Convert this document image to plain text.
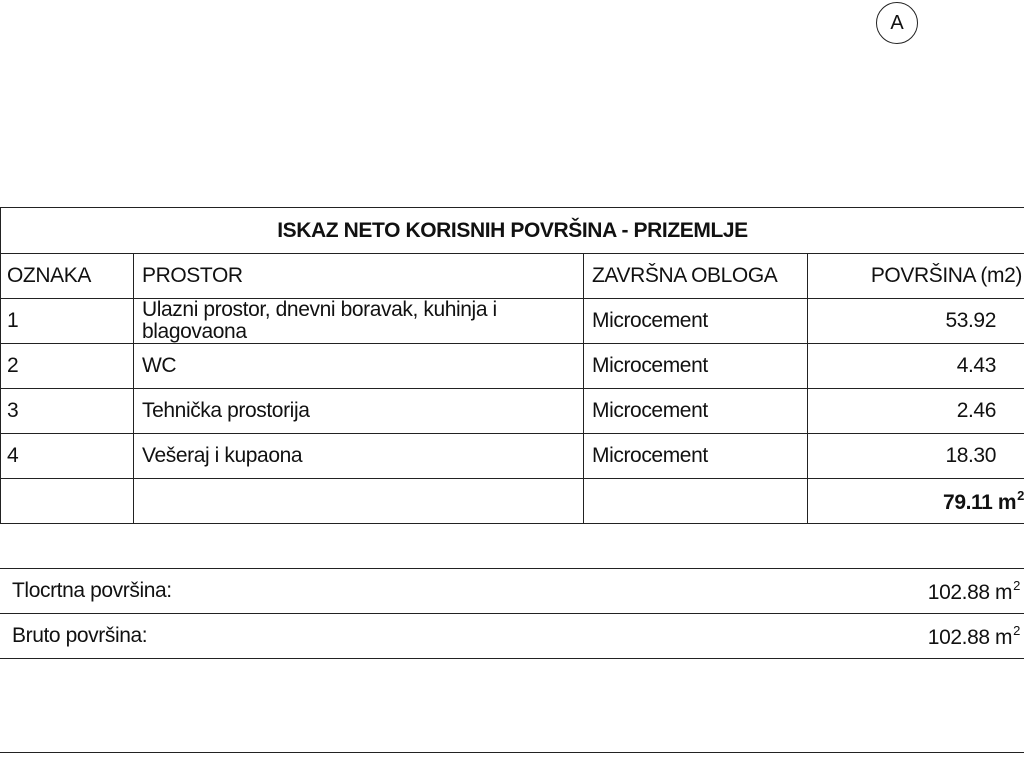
A
ISKAZ NETO KORISNIH POVRŠINA - PRIZEMLJE			
OZNAKA	PROSTOR	ZAVRŠNA OBLOGA	POVRŠINA (m2)
1	Ulazni prostor, dnevni boravak, kuhinja i blagovaona	Microcement	53.92
2	WC	Microcement	4.43
3	Tehnička prostorija	Microcement	2.46
4	Vešeraj i kupaona	Microcement	18.30
			79.11 $m^2$
Tlocrtna površina:	102.88 $m^2$
Bruto površina:	102.88 $m^2$
